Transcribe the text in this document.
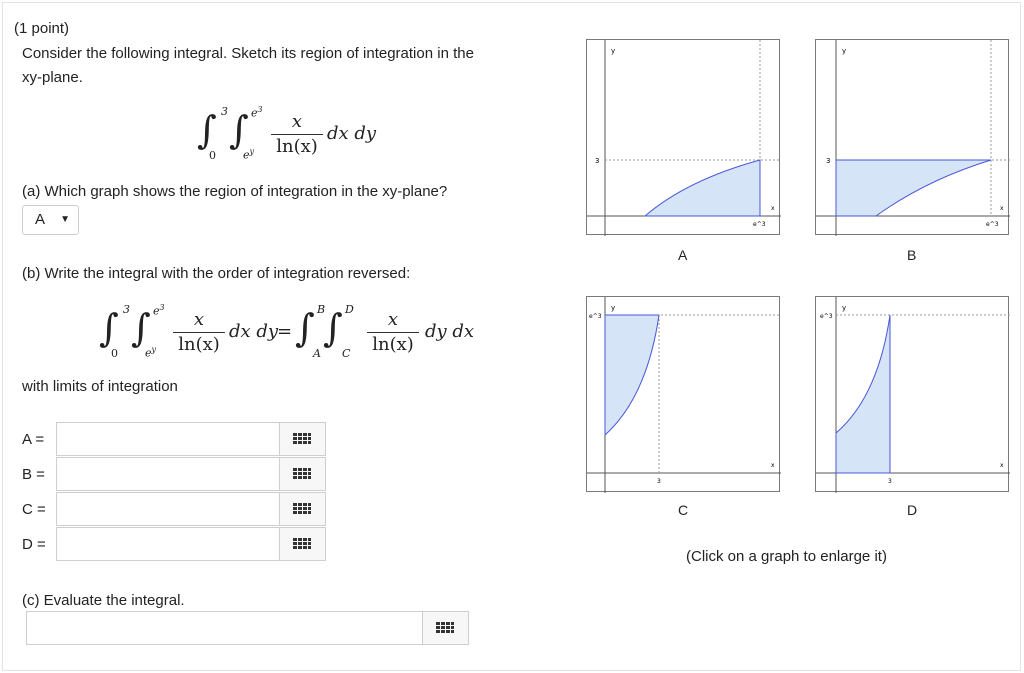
(1 point)
Consider the following integral. Sketch its region of integration in the
xy-plane.
∫ 3
0
∫ $e^3$
$e^y$
x
ln(x)
dx dy
(a) Which graph shows the region of integration in the xy-plane?
A ▼
(b) Write the integral with the order of integration reversed:
∫ 3
0
∫ $e^3$
$e^y$
x
ln(x)
dx dy
= ∫ B
A
∫ D
C
x
ln(x)
dy dx
with limits of integration
A =
B =
C =
D =
(c) Evaluate the integral.
y
3
x
e^3
A
y
3
x
e^3
B
y
e^3
x
3
C
y
e^3
x
3
D
(Click on a graph to enlarge it)
